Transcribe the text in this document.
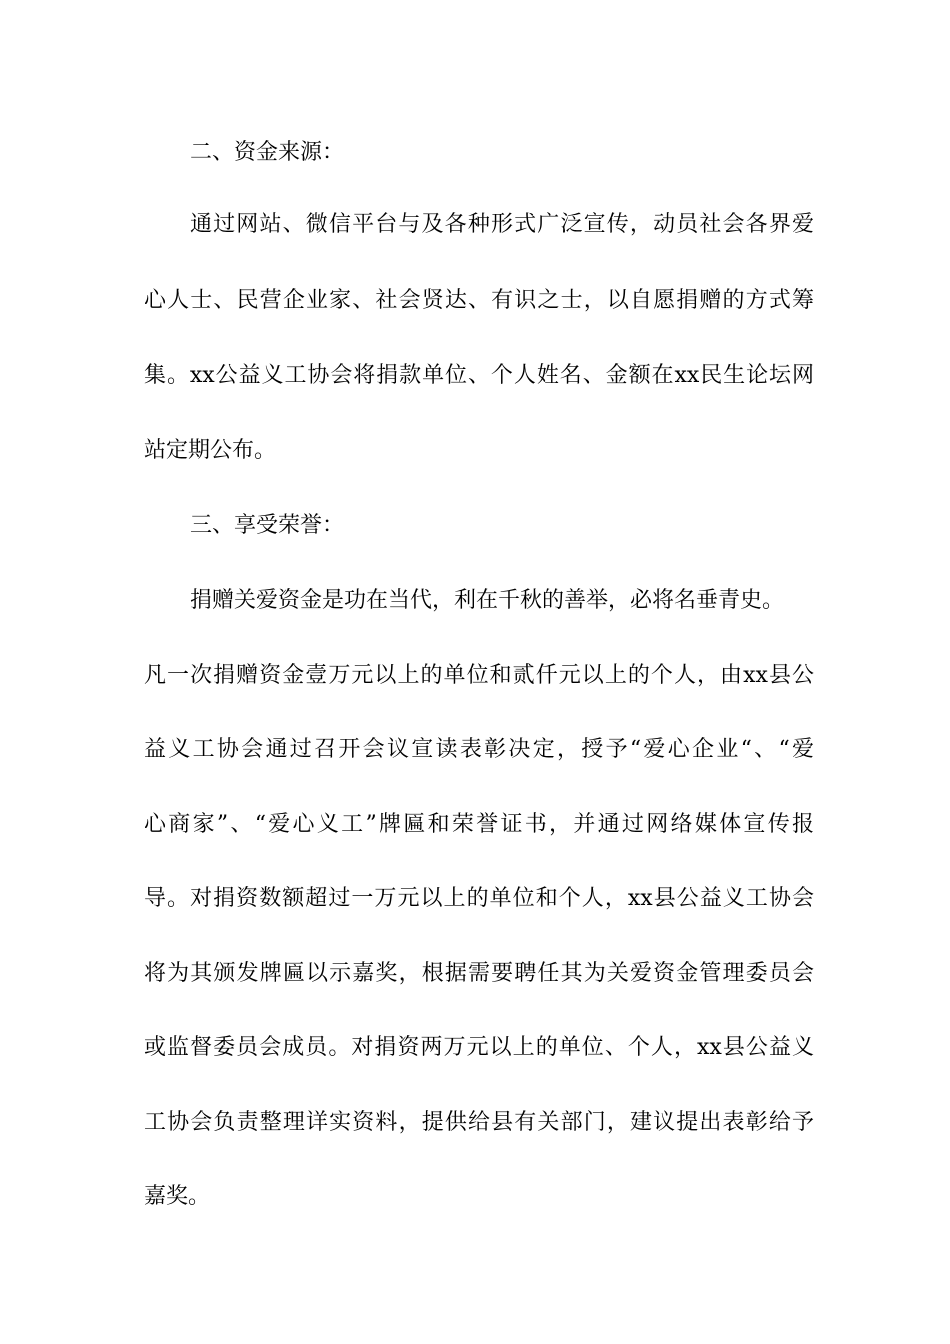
二、资金来源：
通过网站、微信平台与及各种形式广泛宣传，动员社会各界爱
心人士、民营企业家、社会贤达、有识之士，以自愿捐赠的方式筹
集。xx公益义工协会将捐款单位、个人姓名、金额在xx民生论坛网
站定期公布。
三、享受荣誉：
捐赠关爱资金是功在当代，利在千秋的善举，必将名垂青史。
凡一次捐赠资金壹万元以上的单位和贰仟元以上的个人，由xx县公
益义工协会通过召开会议宣读表彰决定，授予“爱心企业“、“爱
心商家”、“爱心义工”牌匾和荣誉证书，并通过网络媒体宣传报
导。对捐资数额超过一万元以上的单位和个人，xx县公益义工协会
将为其颁发牌匾以示嘉奖，根据需要聘任其为关爱资金管理委员会
或监督委员会成员。对捐资两万元以上的单位、个人，xx县公益义
工协会负责整理详实资料，提供给县有关部门，建议提出表彰给予
嘉奖。
